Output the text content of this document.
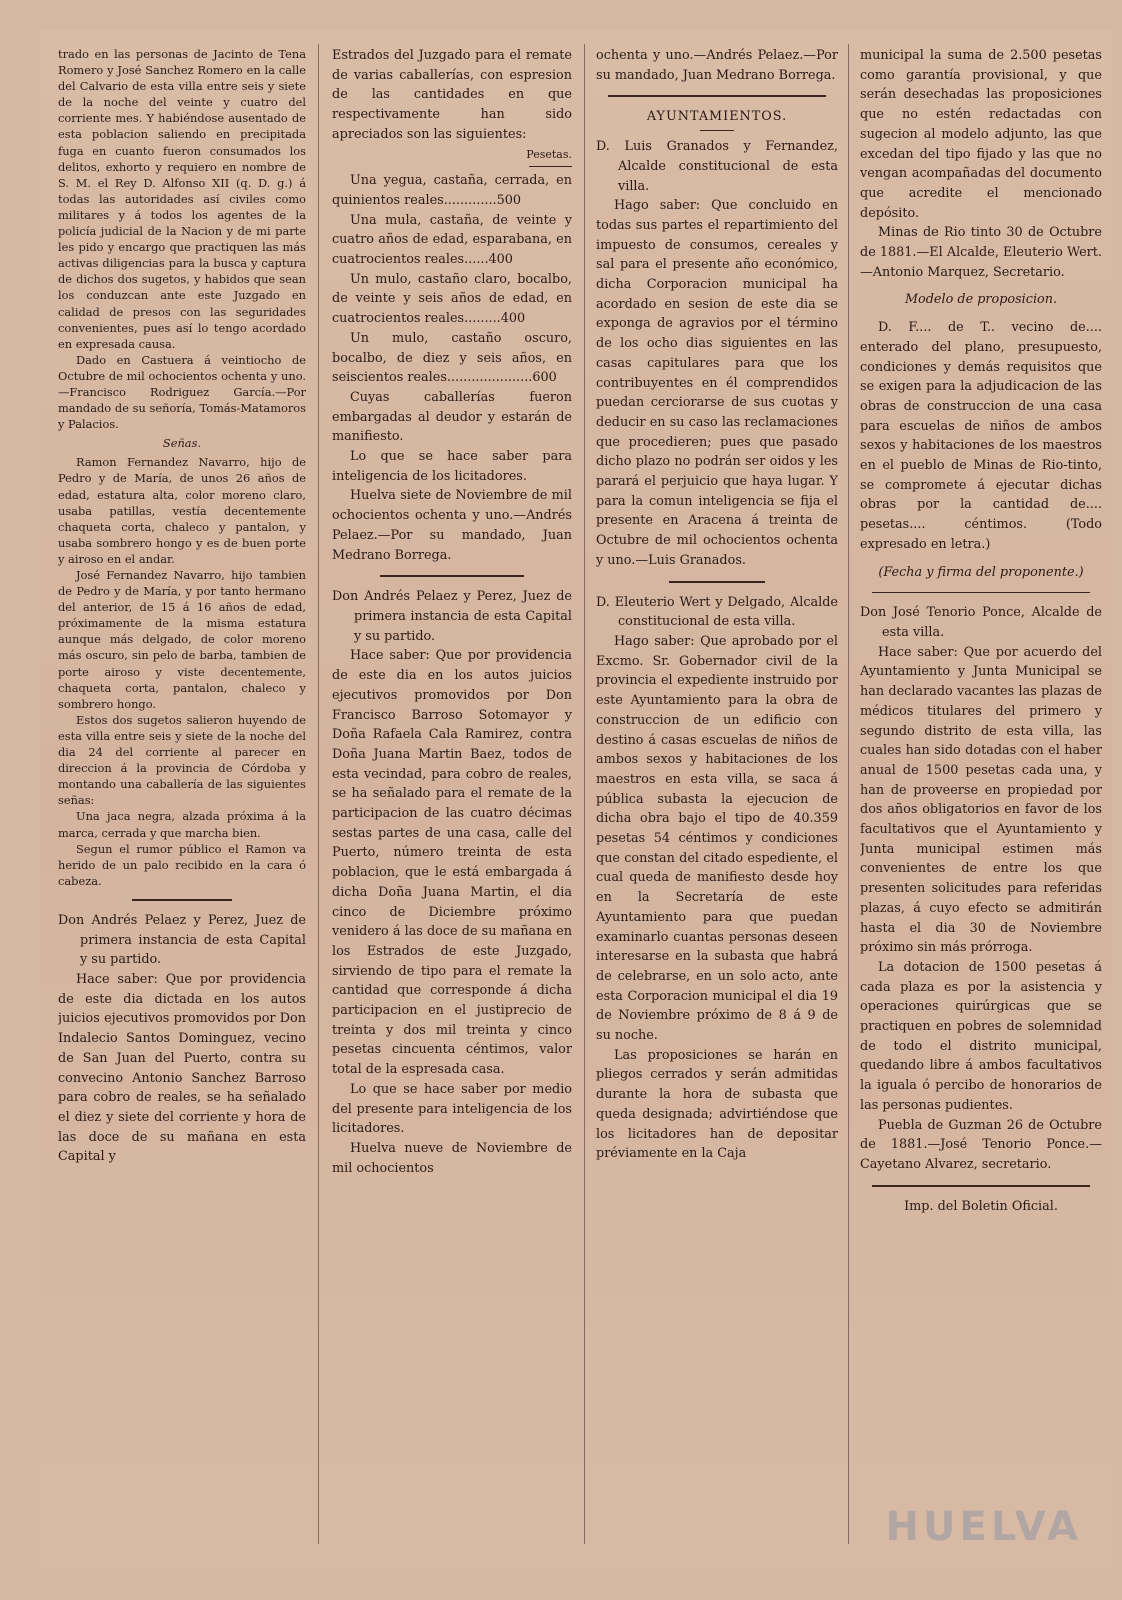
trado en las personas de Jacinto de Tena Romero y José Sanchez Romero en la calle del Calvario de esta villa entre seis y siete de la noche del veinte y cuatro del corriente mes. Y habiéndose ausentado de esta poblacion saliendo en precipitada fuga en cuanto fueron consumados los delitos, exhorto y requiero en nombre de S. M. el Rey D. Alfonso XII (q. D. g.) á todas las autoridades así civiles como militares y á todos los agentes de la policía judicial de la Nacion y de mi parte les pido y encargo que practiquen las más activas diligencias para la busca y captura de dichos dos sugetos, y habidos que sean los conduzcan ante este Juzgado en calidad de presos con las seguridades convenientes, pues así lo tengo acordado en expresada causa.

Dado en Castuera á veintiocho de Octubre de mil ochocientos ochenta y uno.—Francisco Rodriguez García.—Por mandado de su señoría, Tomás-Matamoros y Palacios.

Señas.

Ramon Fernandez Navarro, hijo de Pedro y de María, de unos 26 años de edad, estatura alta, color moreno claro, usaba patillas, vestía decentemente chaqueta corta, chaleco y pantalon, y usaba sombrero hongo y es de buen porte y airoso en el andar.

José Fernandez Navarro, hijo tambien de Pedro y de María, y por tanto hermano del anterior, de 15 á 16 años de edad, próximamente de la misma estatura aunque más delgado, de color moreno más oscuro, sin pelo de barba, tambien de porte airoso y viste decentemente, chaqueta corta, pantalon, chaleco y sombrero hongo.

Estos dos sugetos salieron huyendo de esta villa entre seis y siete de la noche del dia 24 del corriente al parecer en direccion á la provincia de Córdoba y montando una caballería de las siguientes señas:

Una jaca negra, alzada próxima á la marca, cerrada y que marcha bien.

Segun el rumor público el Ramon va herido de un palo recibido en la cara ó cabeza.

Don Andrés Pelaez y Perez, Juez de primera instancia de esta Capital y su partido.

Hace saber: Que por providencia de este dia dictada en los autos juicios ejecutivos promovidos por Don Indalecio Santos Dominguez, vecino de San Juan del Puerto, contra su convecino Antonio Sanchez Barroso para cobro de reales, se ha señalado el diez y siete del corriente y hora de las doce de su mañana en esta Capital y

Estrados del Juzgado para el remate de varias caballerías, con espresion de las cantidades en que respectivamente han sido apreciados son las siguientes:

Pesetas.

Una yegua, castaña, cerrada, en quinientos reales.............500

Una mula, castaña, de veinte y cuatro años de edad, esparabana, en cuatrocientos reales......400

Un mulo, castaño claro, bocalbo, de veinte y seis años de edad, en cuatrocientos reales.........400

Un mulo, castaño oscuro, bocalbo, de diez y seis años, en seiscientos reales.....................600

Cuyas caballerías fueron embargadas al deudor y estarán de manifiesto.

Lo que se hace saber para inteligencia de los licitadores.

Huelva siete de Noviembre de mil ochocientos ochenta y uno.—Andrés Pelaez.—Por su mandado, Juan Medrano Borrega.

Don Andrés Pelaez y Perez, Juez de primera instancia de esta Capital y su partido.

Hace saber: Que por providencia de este dia en los autos juicios ejecutivos promovidos por Don Francisco Barroso Sotomayor y Doña Rafaela Cala Ramirez, contra Doña Juana Martin Baez, todos de esta vecindad, para cobro de reales, se ha señalado para el remate de la participacion de las cuatro décimas sestas partes de una casa, calle del Puerto, número treinta de esta poblacion, que le está embargada á dicha Doña Juana Martin, el dia cinco de Diciembre próximo venidero á las doce de su mañana en los Estrados de este Juzgado, sirviendo de tipo para el remate la cantidad que corresponde á dicha participacion en el justiprecio de treinta y dos mil treinta y cinco pesetas cincuenta céntimos, valor total de la espresada casa.

Lo que se hace saber por medio del presente para inteligencia de los licitadores.

Huelva nueve de Noviembre de mil ochocientos

ochenta y uno.—Andrés Pelaez.—Por su mandado, Juan Medrano Borrega.

AYUNTAMIENTOS.

D. Luis Granados y Fernandez, Alcalde constitucional de esta villa.

Hago saber: Que concluido en todas sus partes el repartimiento del impuesto de consumos, cereales y sal para el presente año económico, dicha Corporacion municipal ha acordado en sesion de este dia se exponga de agravios por el término de los ocho dias siguientes en las casas capitulares para que los contribuyentes en él comprendidos puedan cerciorarse de sus cuotas y deducir en su caso las reclamaciones que procedieren; pues que pasado dicho plazo no podrán ser oidos y les parará el perjuicio que haya lugar. Y para la comun inteligencia se fija el presente en Aracena á treinta de Octubre de mil ochocientos ochenta y uno.—Luis Granados.

D. Eleuterio Wert y Delgado, Alcalde constitucional de esta villa.

Hago saber: Que aprobado por el Excmo. Sr. Gobernador civil de la provincia el expediente instruido por este Ayuntamiento para la obra de construccion de un edificio con destino á casas escuelas de niños de ambos sexos y habitaciones de los maestros en esta villa, se saca á pública subasta la ejecucion de dicha obra bajo el tipo de 40.359 pesetas 54 céntimos y condiciones que constan del citado espediente, el cual queda de manifiesto desde hoy en la Secretaría de este Ayuntamiento para que puedan examinarlo cuantas personas deseen interesarse en la subasta que habrá de celebrarse, en un solo acto, ante esta Corporacion municipal el dia 19 de Noviembre próximo de 8 á 9 de su noche.

Las proposiciones se harán en pliegos cerrados y serán admitidas durante la hora de subasta que queda designada; advirtiéndose que los licitadores han de depositar préviamente en la Caja

municipal la suma de 2.500 pesetas como garantía provisional, y que serán desechadas las proposiciones que no estén redactadas con sugecion al modelo adjunto, las que excedan del tipo fijado y las que no vengan acompañadas del documento que acredite el mencionado depósito.

Minas de Rio tinto 30 de Octubre de 1881.—El Alcalde, Eleuterio Wert.—Antonio Marquez, Secretario.

Modelo de proposicion.

D. F.... de T.. vecino de.... enterado del plano, presupuesto, condiciones y demás requisitos que se exigen para la adjudicacion de las obras de construccion de una casa para escuelas de niños de ambos sexos y habitaciones de los maestros en el pueblo de Minas de Rio-tinto, se compromete á ejecutar dichas obras por la cantidad de.... pesetas.... céntimos. (Todo expresado en letra.)

(Fecha y firma del proponente.)

Don José Tenorio Ponce, Alcalde de esta villa.

Hace saber: Que por acuerdo del Ayuntamiento y Junta Municipal se han declarado vacantes las plazas de médicos titulares del primero y segundo distrito de esta villa, las cuales han sido dotadas con el haber anual de 1500 pesetas cada una, y han de proveerse en propiedad por dos años obligatorios en favor de los facultativos que el Ayuntamiento y Junta municipal estimen más convenientes de entre los que presenten solicitudes para referidas plazas, á cuyo efecto se admitirán hasta el dia 30 de Noviembre próximo sin más prórroga.

La dotacion de 1500 pesetas á cada plaza es por la asistencia y operaciones quirúrgicas que se practiquen en pobres de solemnidad de todo el distrito municipal, quedando libre á ambos facultativos la iguala ó percibo de honorarios de las personas pudientes.

Puebla de Guzman 26 de Octubre de 1881.—José Tenorio Ponce.—Cayetano Alvarez, secretario.

Imp. del Boletin Oficial.

HUELVA
